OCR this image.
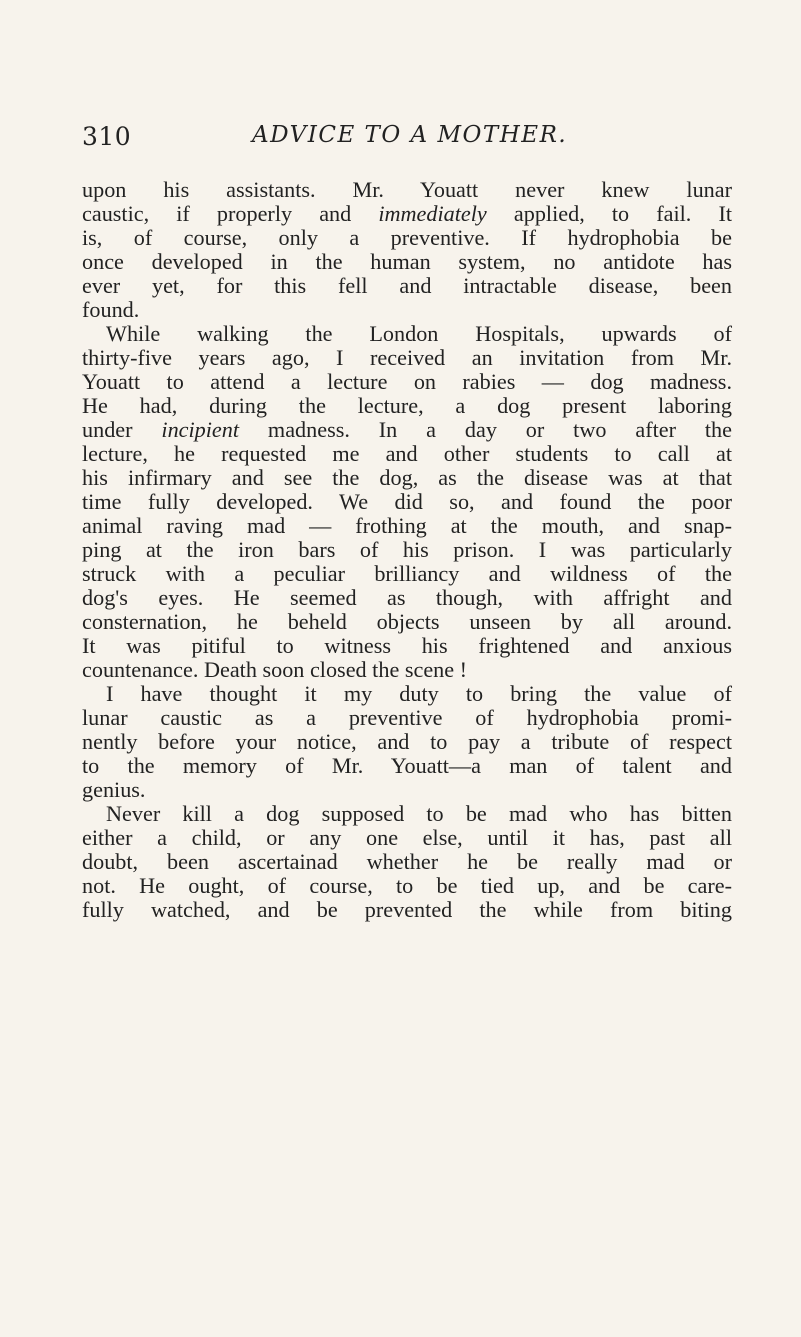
310	ADVICE TO A MOTHER.
upon his assistants. Mr. Youatt never knew lunar
caustic, if properly and immediately applied, to fail. It
is, of course, only a preventive. If hydrophobia be
once developed in the human system, no antidote has
ever yet, for this fell and intractable disease, been
found.
While walking the London Hospitals, upwards of
thirty-five years ago, I received an invitation from Mr.
Youatt to attend a lecture on rabies — dog madness.
He had, during the lecture, a dog present laboring
under incipient madness. In a day or two after the
lecture, he requested me and other students to call at
his infirmary and see the dog, as the disease was at that
time fully developed. We did so, and found the poor
animal raving mad — frothing at the mouth, and snap-
ping at the iron bars of his prison. I was particularly
struck with a peculiar brilliancy and wildness of the
dog's eyes. He seemed as though, with affright and
consternation, he beheld objects unseen by all around.
It was pitiful to witness his frightened and anxious
countenance. Death soon closed the scene !
I have thought it my duty to bring the value of
lunar caustic as a preventive of hydrophobia promi-
nently before your notice, and to pay a tribute of respect
to the memory of Mr. Youatt—a man of talent and
genius.
Never kill a dog supposed to be mad who has bitten
either a child, or any one else, until it has, past all
doubt, been ascertainad whether he be really mad or
not. He ought, of course, to be tied up, and be care-
fully watched, and be prevented the while from biting
